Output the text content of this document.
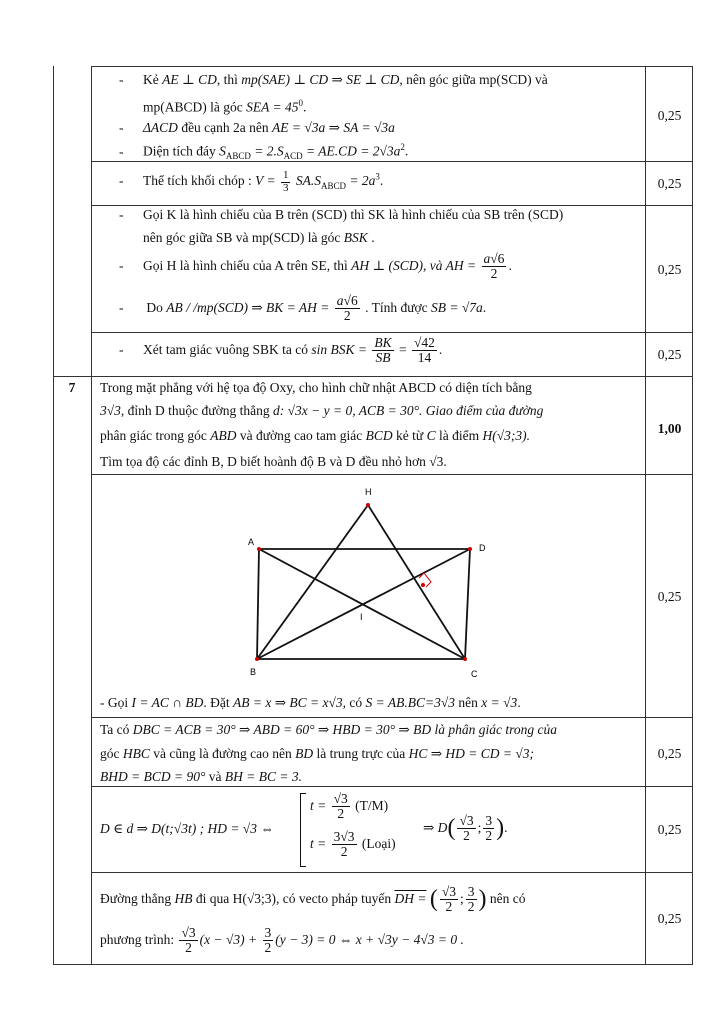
- Kẻ AE ⊥ CD, thì mp(SAE) ⊥ CD ⇒ SE ⊥ CD, nên góc giữa mp(SCD) và
mp(ABCD) là góc SEA = $45^0$.
- ΔACD đều cạnh 2a nên AE = √3a ⇒ SA = √3a
- Diện tích đáy $S_{ABCD} = 2.S_{ACD} = AE.CD = 2√3a^2$.
0,25
- Thể tích khối chóp : $V = \frac{1}{3} SA.S_{ABCD} = 2a^3$.	0,25
- Gọi K là hình chiếu của B trên (SCD) thì SK là hình chiếu của SB trên (SCD)
nên góc giữa SB và mp(SCD) là góc BSK .
- Gọi H là hình chiếu của A trên SE, thì AH ⊥ (SCD), và AH = $\frac{a√6}{2}$ .
- Do AB / /mp(SCD) ⇒ BK = AH = $\frac{a√6}{2}$ . Tính được SB = √7a.
0,25
- Xét tam giác vuông SBK ta có sin BSK = $\frac{BK}{SB} = \frac{√42}{14}$ .	0,25
7	Trong mặt phẳng với hệ tọa độ Oxy, cho hình chữ nhật ABCD có diện tích bằng
3√3, đỉnh D thuộc đường thẳng d: √3x − y = 0, ACB = 30°. Giao điểm của đường
phân giác trong góc ABD và đường cao tam giác BCD kẻ từ C là điểm H(√3;3).
Tìm tọa độ các đỉnh B, D biết hoành độ B và D đều nhỏ hơn √3.
1,00
H
A
D
I
B	C
0,25
- Gọi I = AC ∩ BD. Đặt AB = x ⇒ BC = x√3, có S = AB.BC=3√3 nên x = √3.
Ta có DBC = ACB = 30° ⇒ ABD = 60° ⇒ HBD = 30° ⇒ BD là phân giác trong của
góc HBC và cũng là đường cao nên BD là trung trực của HC ⇒ HD = CD = √3;
BHD = BCD = 90° và BH = BC = 3.
0,25
D ∈ d ⇒ D(t;√3t) ; HD = √3 ⇔
$t = \frac{√3}{2} (T/M)$
$t = \frac{3√3}{2}$ (Loại)
⇒ $D( \frac{√3}{2}$ ; $\frac{3}{2}$ ).	0,25
Đường thẳng HB đi qua H(√3;3), có vecto pháp tuyến DH = ( $\frac{√3}{2}$ ; $\frac{3}{2}$ ) nên có
phương trình: $\frac{√3}{2} (x - √3) + \frac{3}{2} (y - 3) = 0$ ⇔ x + √3y − 4√3 = 0 .
0,25
